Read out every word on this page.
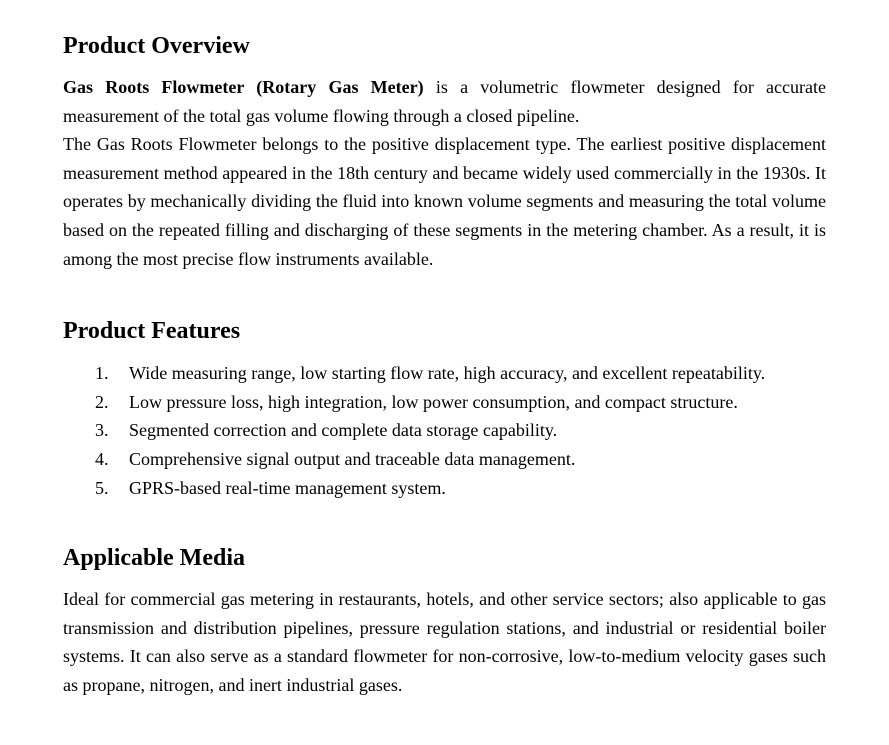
Product Overview

Gas Roots Flowmeter (Rotary Gas Meter) is a volumetric flowmeter designed for accurate measurement of the total gas volume flowing through a closed pipeline.

The Gas Roots Flowmeter belongs to the positive displacement type. The earliest positive displacement measurement method appeared in the 18th century and became widely used commercially in the 1930s. It operates by mechanically dividing the fluid into known volume segments and measuring the total volume based on the repeated filling and discharging of these segments in the metering chamber. As a result, it is among the most precise flow instruments available.

Product Features
1.	Wide measuring range, low starting flow rate, high accuracy, and excellent repeatability.
2.	Low pressure loss, high integration, low power consumption, and compact structure.
3.	Segmented correction and complete data storage capability.
4.	Comprehensive signal output and traceable data management.
5.	GPRS-based real-time management system.
Applicable Media

Ideal for commercial gas metering in restaurants, hotels, and other service sectors; also applicable to gas transmission and distribution pipelines, pressure regulation stations, and industrial or residential boiler systems. It can also serve as a standard flowmeter for non-corrosive, low-to-medium velocity gases such as propane, nitrogen, and inert industrial gases.
